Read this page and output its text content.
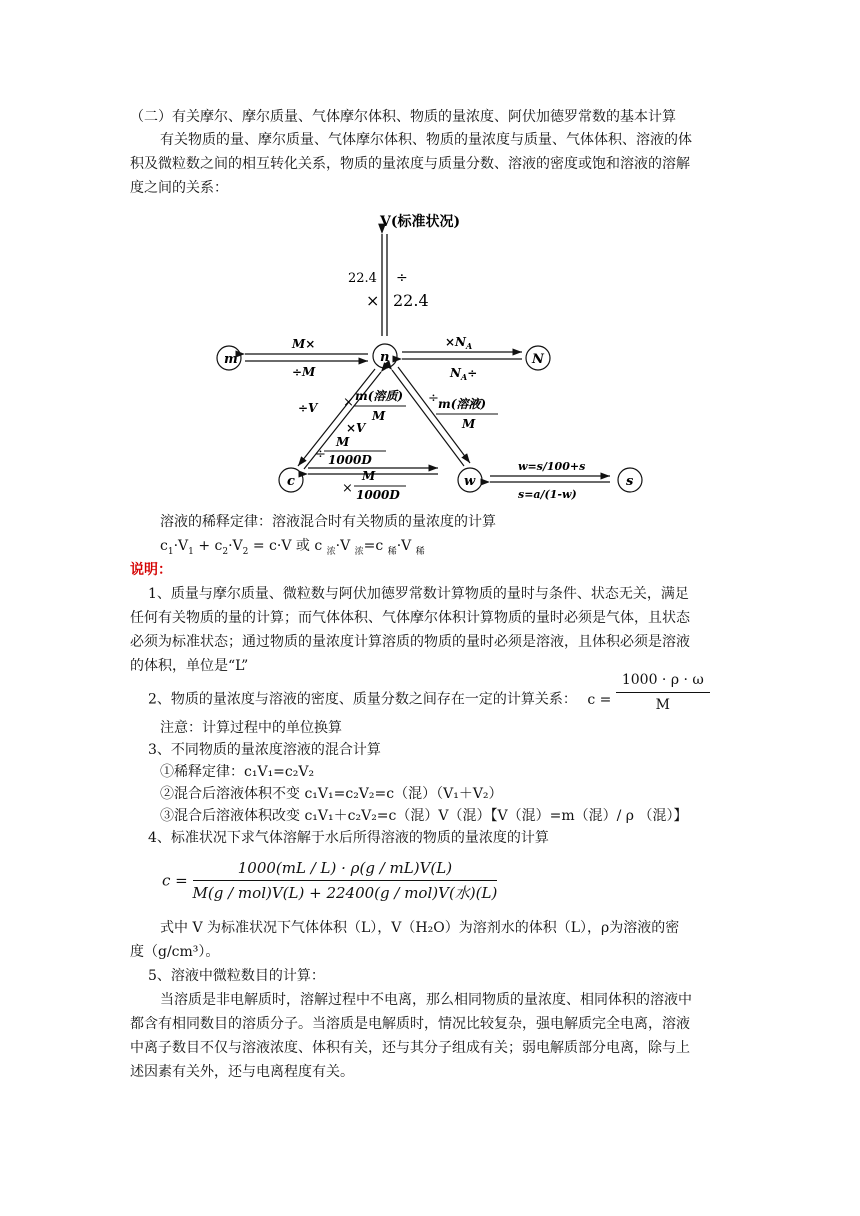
（二）有关摩尔、摩尔质量、气体摩尔体积、物质的量浓度、阿伏加德罗常数的基本计算
有关物质的量、摩尔质量、气体摩尔体积、物质的量浓度与质量、气体体积、溶液的体
积及微粒数之间的相互转化关系，物质的量浓度与质量分数、溶液的密度或饱和溶液的溶解
度之间的关系：
V(标准状况)
22.4 ÷
× 22.4
m	n	N
c	w	s
M×
÷M
$\times N_A$
$N_A\div$
÷V × m(溶质)
M
×V
÷ m(溶液)
M
M
÷ 1000D
M
× 1000D
w=s/100+s
s=a/(1-w)
溶液的稀释定律：溶液混合时有关物质的量浓度的计算
$c_1\cdot V_1 + c_2\cdot V_2 = c\cdot V$ 或 c $_浓$·V $_浓$=c $_稀$·V $_稀$
说明：
1、质量与摩尔质量、微粒数与阿伏加德罗常数计算物质的量时与条件、状态无关，满足
任何有关物质的量的计算；而气体体积、气体摩尔体积计算物质的量时必须是气体，且状态
必须为标准状态；通过物质的量浓度计算溶质的物质的量时必须是溶液，且体积必须是溶液
的体积，单位是“L”
2、物质的量浓度与溶液的密度、质量分数之间存在一定的计算关系： $c = \frac{1000 \cdot \rho \cdot \omega}{M}$
注意：计算过程中的单位换算
3、不同物质的量浓度溶液的混合计算
①稀释定律：c₁V₁=c₂V₂
②混合后溶液体积不变 c₁V₁=c₂V₂=c（混）（V₁＋V₂）
③混合后溶液体积改变 c₁V₁＋c₂V₂=c（混）V（混）【V（混）=m（混）/ ρ （混）】
4、标准状况下求气体溶解于水后所得溶液的物质的量浓度的计算
$c = \frac{1000(mL / L) \cdot \rho(g / mL)V(L)}{\text{M(g / mol)V(L) + 22400(g / mol)V(水)(L)}}$
式中 V 为标准状况下气体体积（L），V（H₂O）为溶剂水的体积（L），ρ为溶液的密
度（g/cm³）。
5、溶液中微粒数目的计算：
当溶质是非电解质时，溶解过程中不电离，那么相同物质的量浓度、相同体积的溶液中
都含有相同数目的溶质分子。当溶质是电解质时，情况比较复杂，强电解质完全电离，溶液
中离子数目不仅与溶液浓度、体积有关，还与其分子组成有关；弱电解质部分电离，除与上
述因素有关外，还与电离程度有关。
